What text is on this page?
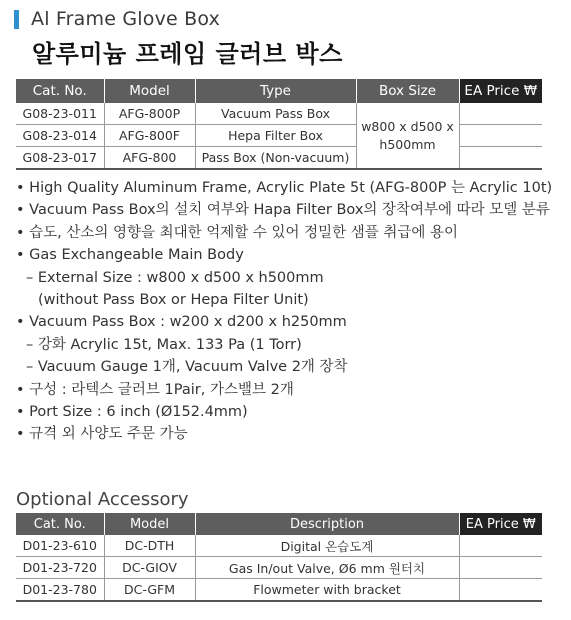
Al Frame Glove Box
알루미늄 프레임 글러브 박스
Cat. No.	Model	Type	Box Size	EA Price ₩
G08-23-011	AFG-800P	Vacuum Pass Box	w800 x d500 x
h500mm	
G08-23-014	AFG-800F	Hepa Filter Box		
G08-23-017	AFG-800	Pass Box (Non-vacuum)		
• High Quality Aluminum Frame, Acrylic Plate 5t (AFG-800P 는 Acrylic 10t)
• Vacuum Pass Box의 설치 여부와 Hapa Filter Box의 장착여부에 따라 모델 분류
• 습도, 산소의 영향을 최대한 억제할 수 있어 정밀한 샘플 취급에 용이
• Gas Exchangeable Main Body
– External Size : w800 x d500 x h500mm
(without Pass Box or Hepa Filter Unit)
• Vacuum Pass Box : w200 x d200 x h250mm
– 강화 Acrylic 15t, Max. 133 Pa (1 Torr)
– Vacuum Gauge 1개, Vacuum Valve 2개 장착
• 구성 : 라텍스 글러브 1Pair, 가스밸브 2개
• Port Size : 6 inch (Ø152.4mm)
• 규격 외 사양도 주문 가능
Optional Accessory
Cat. No.	Model	Description	EA Price ₩
D01-23-610	DC-DTH	Digital 온습도계	
D01-23-720	DC-GIOV	Gas In/out Valve, Ø6 mm 원터치	
D01-23-780	DC-GFM	Flowmeter with bracket	
